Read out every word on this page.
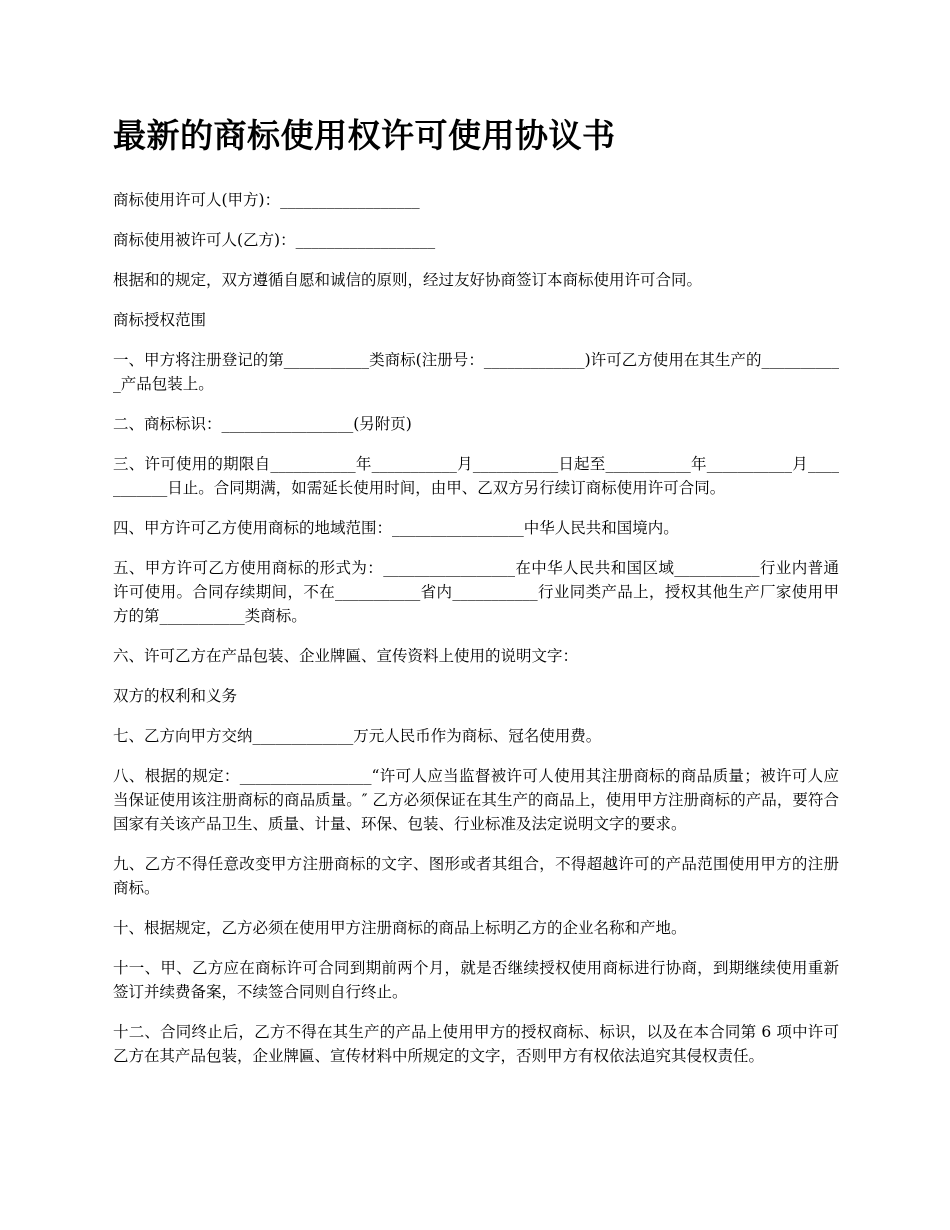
最新的商标使用权许可使用协议书

商标使用许可人(甲方)：__________________

商标使用被许可人(乙方)：__________________

根据和的规定，双方遵循自愿和诚信的原则，经过友好协商签订本商标使用许可合同。

商标授权范围

一、甲方将注册登记的第___________类商标(注册号：_____________)许可乙方使用在其生产的___________产品包装上。

二、商标标识：_________________(另附页)

三、许可使用的期限自___________年___________月___________日起至___________年___________月___________日止。合同期满，如需延长使用时间，由甲、乙双方另行续订商标使用许可合同。

四、甲方许可乙方使用商标的地域范围：_________________中华人民共和国境内。

五、甲方许可乙方使用商标的形式为：_________________在中华人民共和国区域___________行业内普通许可使用。合同存续期间，不在___________省内___________行业同类产品上，授权其他生产厂家使用甲方的第___________类商标。

六、许可乙方在产品包装、企业牌匾、宣传资料上使用的说明文字：

双方的权利和义务

七、乙方向甲方交纳_____________万元人民币作为商标、冠名使用费。

八、根据的规定：_________________“许可人应当监督被许可人使用其注册商标的商品质量；被许可人应当保证使用该注册商标的商品质量。″ 乙方必须保证在其生产的商品上，使用甲方注册商标的产品，要符合国家有关该产品卫生、质量、计量、环保、包装、行业标准及法定说明文字的要求。

九、乙方不得任意改变甲方注册商标的文字、图形或者其组合，不得超越许可的产品范围使用甲方的注册商标。

十、根据规定，乙方必须在使用甲方注册商标的商品上标明乙方的企业名称和产地。

十一、甲、乙方应在商标许可合同到期前两个月，就是否继续授权使用商标进行协商，到期继续使用重新签订并续费备案，不续签合同则自行终止。

十二、合同终止后，乙方不得在其生产的产品上使用甲方的授权商标、标识，以及在本合同第 6 项中许可乙方在其产品包装，企业牌匾、宣传材料中所规定的文字，否则甲方有权依法追究其侵权责任。
